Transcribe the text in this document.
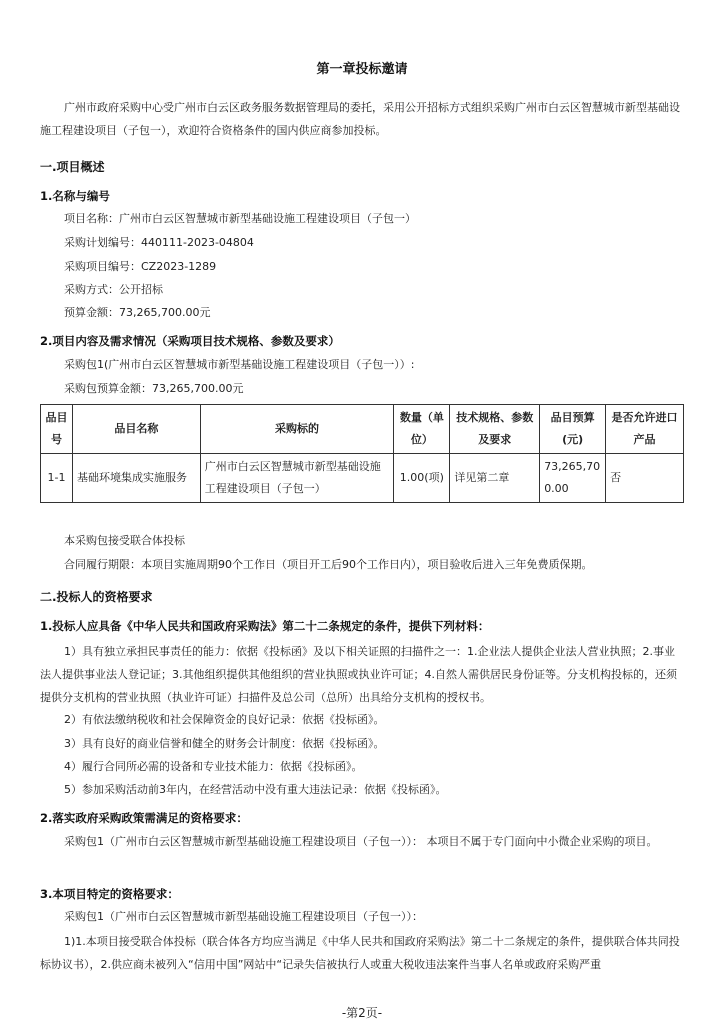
第一章投标邀请
广州市政府采购中心受广州市白云区政务服务数据管理局的委托，采用公开招标方式组织采购广州市白云区智慧城市新型基础设施工程建设项目（子包一），欢迎符合资格条件的国内供应商参加投标。
一.项目概述
1.名称与编号
项目名称：广州市白云区智慧城市新型基础设施工程建设项目（子包一）
采购计划编号：440111-2023-04804
采购项目编号：CZ2023-1289
采购方式：公开招标
预算金额：73,265,700.00元
2.项目内容及需求情况（采购项目技术规格、参数及要求）
采购包1(广州市白云区智慧城市新型基础设施工程建设项目（子包一））:
采购包预算金额：73,265,700.00元
品目号	品目名称	采购标的	数量（单位）	技术规格、参数及要求	品目预算(元)	是否允许进口产品
1-1	基础环境集成实施服务	广州市白云区智慧城市新型基础设施工程建设项目（子包一）	1.00(项)	详见第二章	73,265,700.00	否
本采购包接受联合体投标
合同履行期限：本项目实施周期90个工作日（项目开工后90个工作日内），项目验收后进入三年免费质保期。
二.投标人的资格要求
1.投标人应具备《中华人民共和国政府采购法》第二十二条规定的条件，提供下列材料：
1）具有独立承担民事责任的能力：依据《投标函》及以下相关证照的扫描件之一：1.企业法人提供企业法人营业执照；2.事业法人提供事业法人登记证；3.其他组织提供其他组织的营业执照或执业许可证；4.自然人需供居民身份证等。分支机构投标的，还须提供分支机构的营业执照（执业许可证）扫描件及总公司（总所）出具给分支机构的授权书。
2）有依法缴纳税收和社会保障资金的良好记录：依据《投标函》。
3）具有良好的商业信誉和健全的财务会计制度：依据《投标函》。
4）履行合同所必需的设备和专业技术能力：依据《投标函》。
5）参加采购活动前3年内，在经营活动中没有重大违法记录：依据《投标函》。
2.落实政府采购政策需满足的资格要求：
采购包1（广州市白云区智慧城市新型基础设施工程建设项目（子包一））： 本项目不属于专门面向中小微企业采购的项目。
3.本项目特定的资格要求：
采购包1（广州市白云区智慧城市新型基础设施工程建设项目（子包一））：
1)1.本项目接受联合体投标（联合体各方均应当满足《中华人民共和国政府采购法》第二十二条规定的条件，提供联合体共同投标协议书），2.供应商未被列入“信用中国”网站中“记录失信被执行人或重大税收违法案件当事人名单或政府采购严重
-第2页-
